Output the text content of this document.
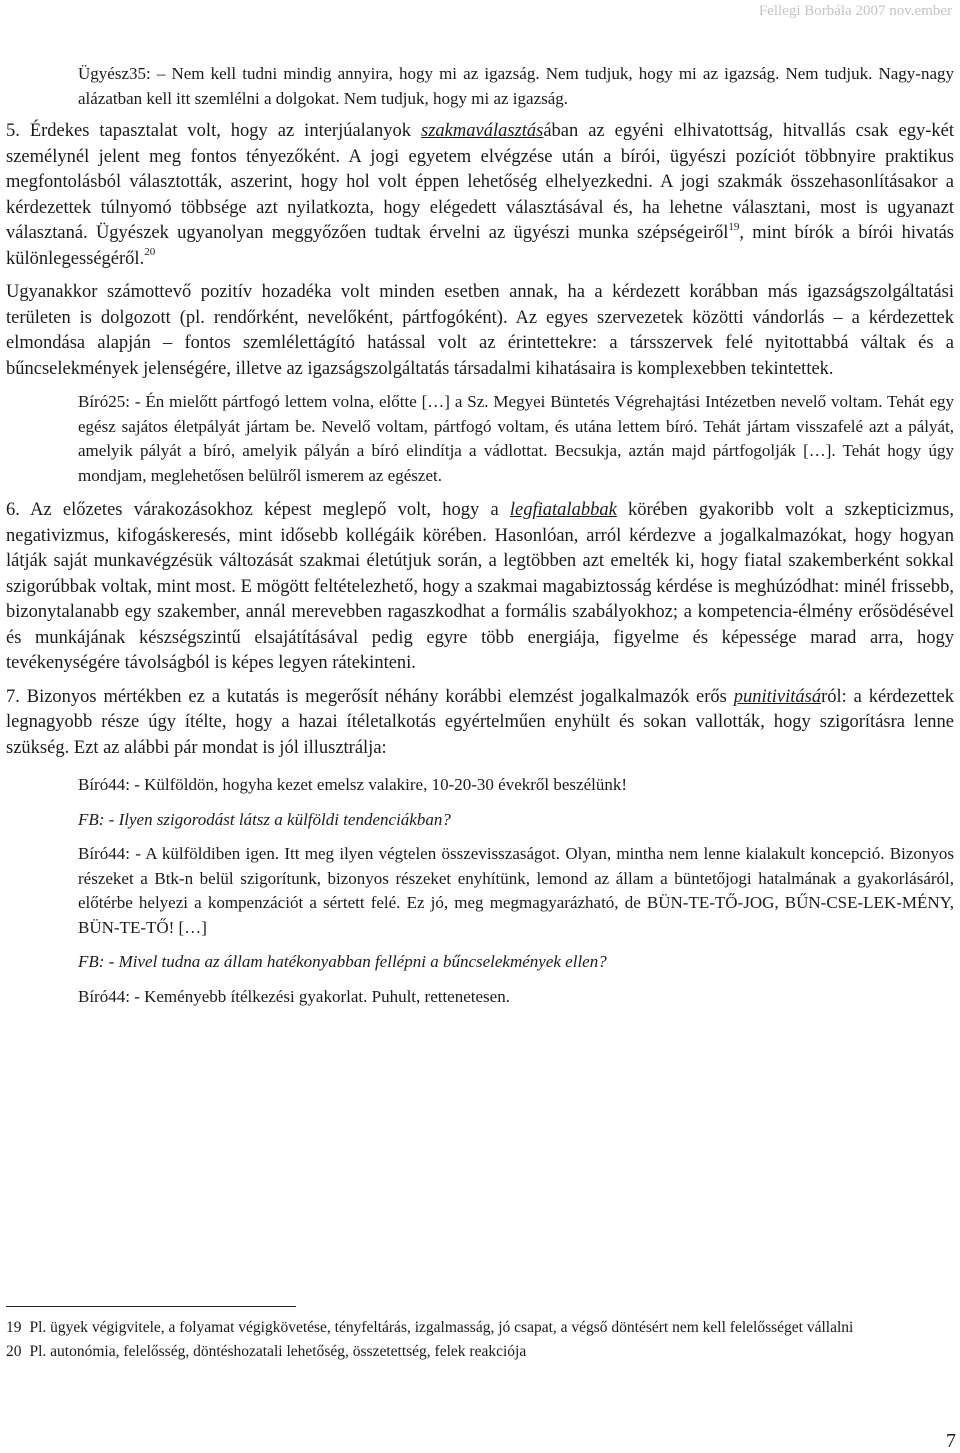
Fellegi Borbála 2007 nov.ember
Ügyész35: – Nem kell tudni mindig annyira, hogy mi az igazság. Nem tudjuk, hogy mi az igazság. Nem tudjuk. Nagy-nagy alázatban kell itt szemlélni a dolgokat. Nem tudjuk, hogy mi az igazság.

5. Érdekes tapasztalat volt, hogy az interjúalanyok szakmaválasztásában az egyéni elhivatottság, hitvallás csak egy-két személynél jelent meg fontos tényezőként. A jogi egyetem elvégzése után a bírói, ügyészi pozíciót többnyire praktikus megfontolásból választották, aszerint, hogy hol volt éppen lehetőség elhelyezkedni. A jogi szakmák összehasonlításakor a kérdezettek túlnyomó többsége azt nyilatkozta, hogy elégedett választásával és, ha lehetne választani, most is ugyanazt választaná. Ügyészek ugyanolyan meggyőzően tudtak érvelni az ügyészi munka szépségeiről$^{19}$, mint bírók a bírói hivatás különlegességéről.$^{20}$

Ugyanakkor számottevő pozitív hozadéka volt minden esetben annak, ha a kérdezett korábban más igazságszolgáltatási területen is dolgozott (pl. rendőrként, nevelőként, pártfogóként). Az egyes szervezetek közötti vándorlás – a kérdezettek elmondása alapján – fontos szemlélettágító hatással volt az érintettekre: a társszervek felé nyitottabbá váltak és a bűncselekmények jelenségére, illetve az igazságszolgáltatás társadalmi kihatásaira is komplexebben tekintettek.

Bíró25: - Én mielőtt pártfogó lettem volna, előtte […] a Sz. Megyei Büntetés Végrehajtási Intézetben nevelő voltam. Tehát egy egész sajátos életpályát jártam be. Nevelő voltam, pártfogó voltam, és utána lettem bíró. Tehát jártam visszafelé azt a pályát, amelyik pályát a bíró, amelyik pályán a bíró elindítja a vádlottat. Becsukja, aztán majd pártfogolják […]. Tehát hogy úgy mondjam, meglehetősen belülről ismerem az egészet.

6. Az előzetes várakozásokhoz képest meglepő volt, hogy a legfiatalabbak körében gyakoribb volt a szkepticizmus, negativizmus, kifogáskeresés, mint idősebb kollégáik körében. Hasonlóan, arról kérdezve a jogalkalmazókat, hogy hogyan látják saját munkavégzésük változását szakmai életútjuk során, a legtöbben azt emelték ki, hogy fiatal szakemberként sokkal szigorúbbak voltak, mint most. E mögött feltételezhető, hogy a szakmai magabiztosság kérdése is meghúzódhat: minél frissebb, bizonytalanabb egy szakember, annál merevebben ragaszkodhat a formális szabályokhoz; a kompetencia-élmény erősödésével és munkájának készségszintű elsajátításával pedig egyre több energiája, figyelme és képessége marad arra, hogy tevékenységére távolságból is képes legyen rátekinteni.

7. Bizonyos mértékben ez a kutatás is megerősít néhány korábbi elemzést jogalkalmazók erős punitivitásáról: a kérdezettek legnagyobb része úgy ítélte, hogy a hazai ítéletalkotás egyértelműen enyhült és sokan vallották, hogy szigorításra lenne szükség. Ezt az alábbi pár mondat is jól illusztrálja:

Bíró44: - Külföldön, hogyha kezet emelsz valakire, 10-20-30 évekről beszélünk!
FB: - Ilyen szigorodást látsz a külföldi tendenciákban?
Bíró44: - A külföldiben igen. Itt meg ilyen végtelen összevisszaságot. Olyan, mintha nem lenne kialakult koncepció. Bizonyos részeket a Btk-n belül szigorítunk, bizonyos részeket enyhítünk, lemond az állam a büntetőjogi hatalmának a gyakorlásáról, előtérbe helyezi a kompenzációt a sértett felé. Ez jó, meg megmagyarázható, de BÜN-TE-TŐ-JOG, BŰN-CSE-LEK-MÉNY, BÜN-TE-TŐ! […]
FB: - Mivel tudna az állam hatékonyabban fellépni a bűncselekmények ellen?
Bíró44: - Keményebb ítélkezési gyakorlat. Puhult, rettenetesen.
19 Pl. ügyek végigvitele, a folyamat végigkövetése, tényfeltárás, izgalmasság, jó csapat, a végső döntésért nem kell felelősséget vállalni
20 Pl. autonómia, felelősség, döntéshozatali lehetőség, összetettség, felek reakciója
7
